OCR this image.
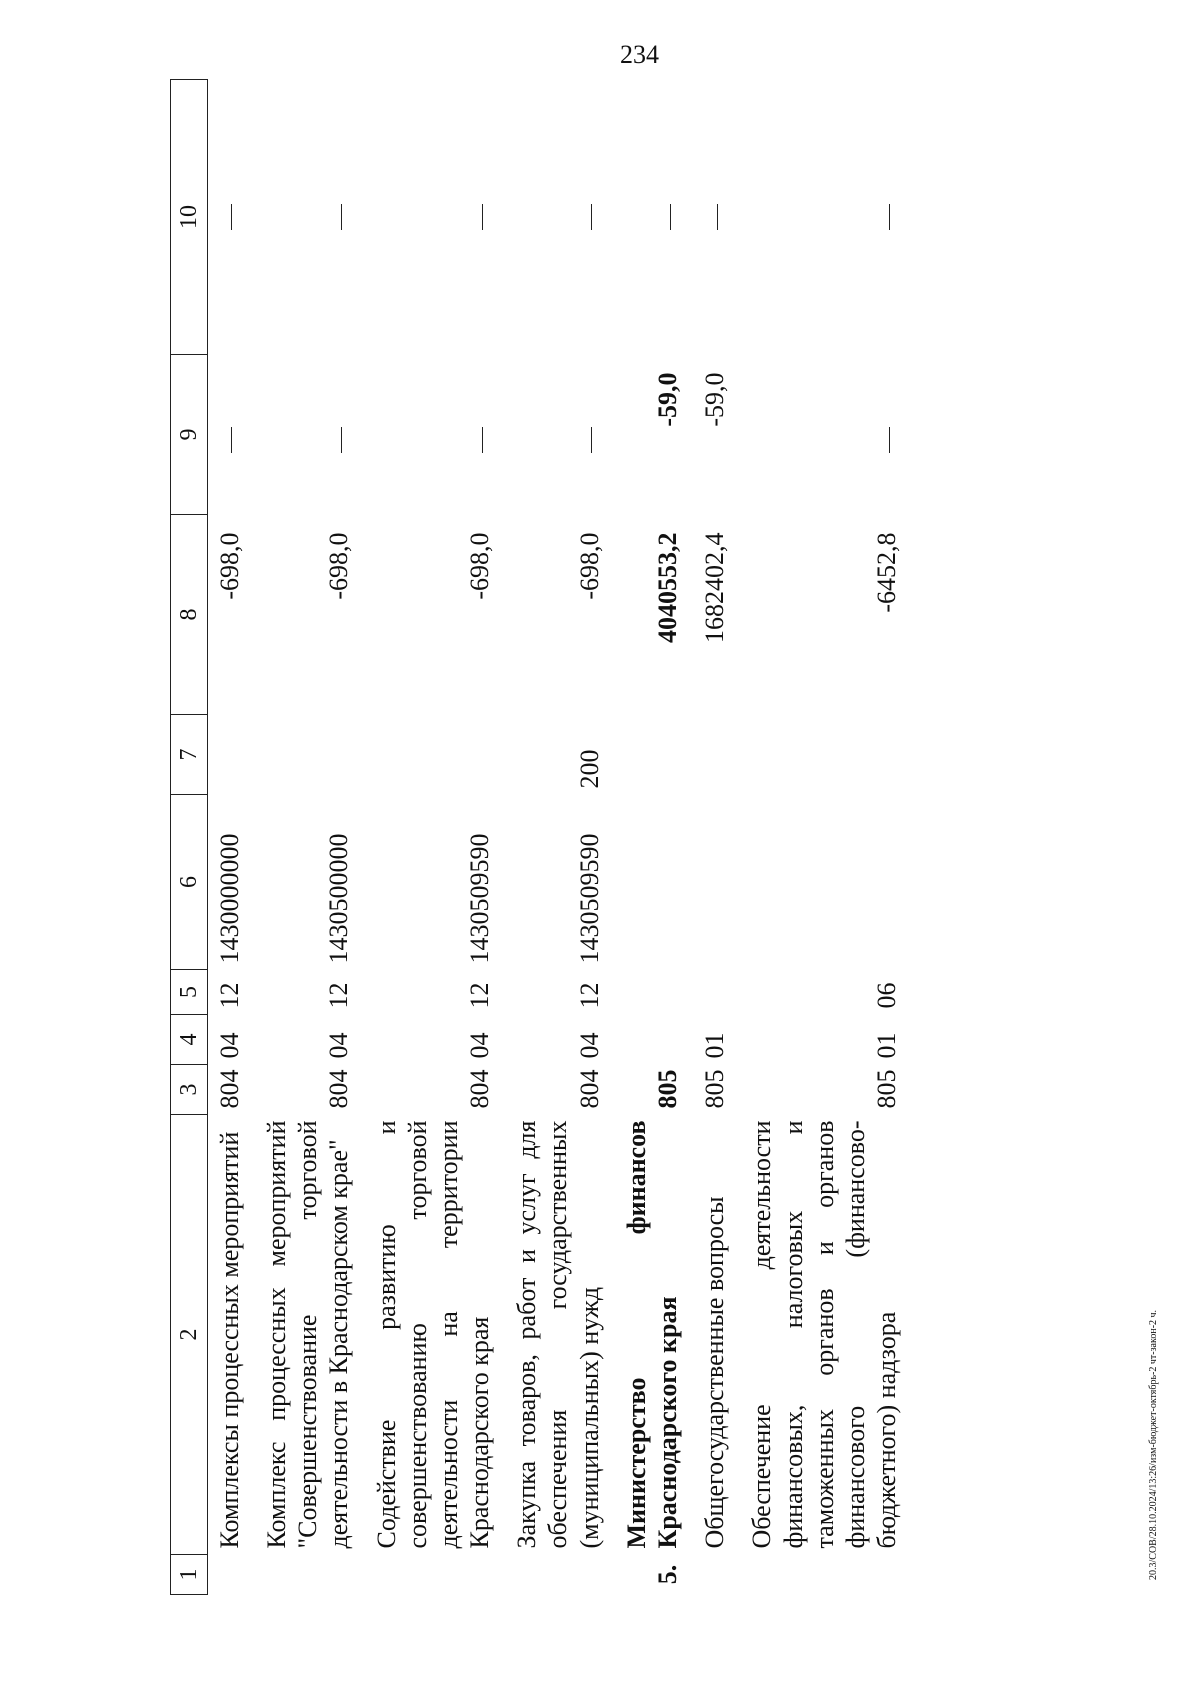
234
20.3/СОВ/28.10.2024/13:26/изм-бюджет-октябрь-2 чт-закон-2 ч.
1	2	3	4	5	6	7	8	9	10
	Комплексы процессных мероприятий	804	04	12	1430000000		-698,0		
	Комплекс процессных мероприятий "Совершенствование торговой деятельности в Краснодарском крае"	804	04	12	1430500000		-698,0		
	Содействие развитию и совершенствованию торговой деятельности на территории Краснодарского края	804	04	12	1430509590		-698,0		
	Закупка товаров, работ и услуг для обеспечения государственных (муниципальных) нужд	804	04	12	1430509590	200	-698,0		
5.	Министерство финансов Краснодарского края	805					4040553,2	-59,0	
	Общегосударственные вопросы	805	01				1682402,4	-59,0	
	Обеспечение деятельности финансовых, налоговых и таможенных органов и органов финансового (финансово-бюджетного) надзора	805	01	06			-6452,8		
